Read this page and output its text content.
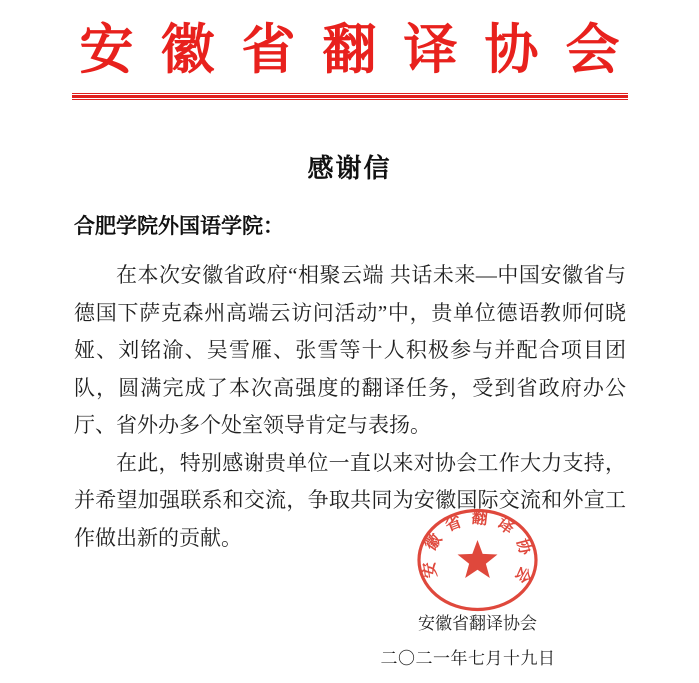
安徽省翻译协会
感谢信
合肥学院外国语学院：

在本次安徽省政府“相聚云端 共话未来—中国安徽省与德国下萨克森州高端云访问活动”中，贵单位德语教师何晓娅、刘铭渝、吴雪雁、张雪等十人积极参与并配合项目团队，圆满完成了本次高强度的翻译任务，受到省政府办公厅、省外办多个处室领导肯定与表扬。

在此，特别感谢贵单位一直以来对协会工作大力支持，并希望加强联系和交流，争取共同为安徽国际交流和外宣工作做出新的贡献。

安徽省翻译协会
安徽省翻译协会
二〇二一年七月十九日
